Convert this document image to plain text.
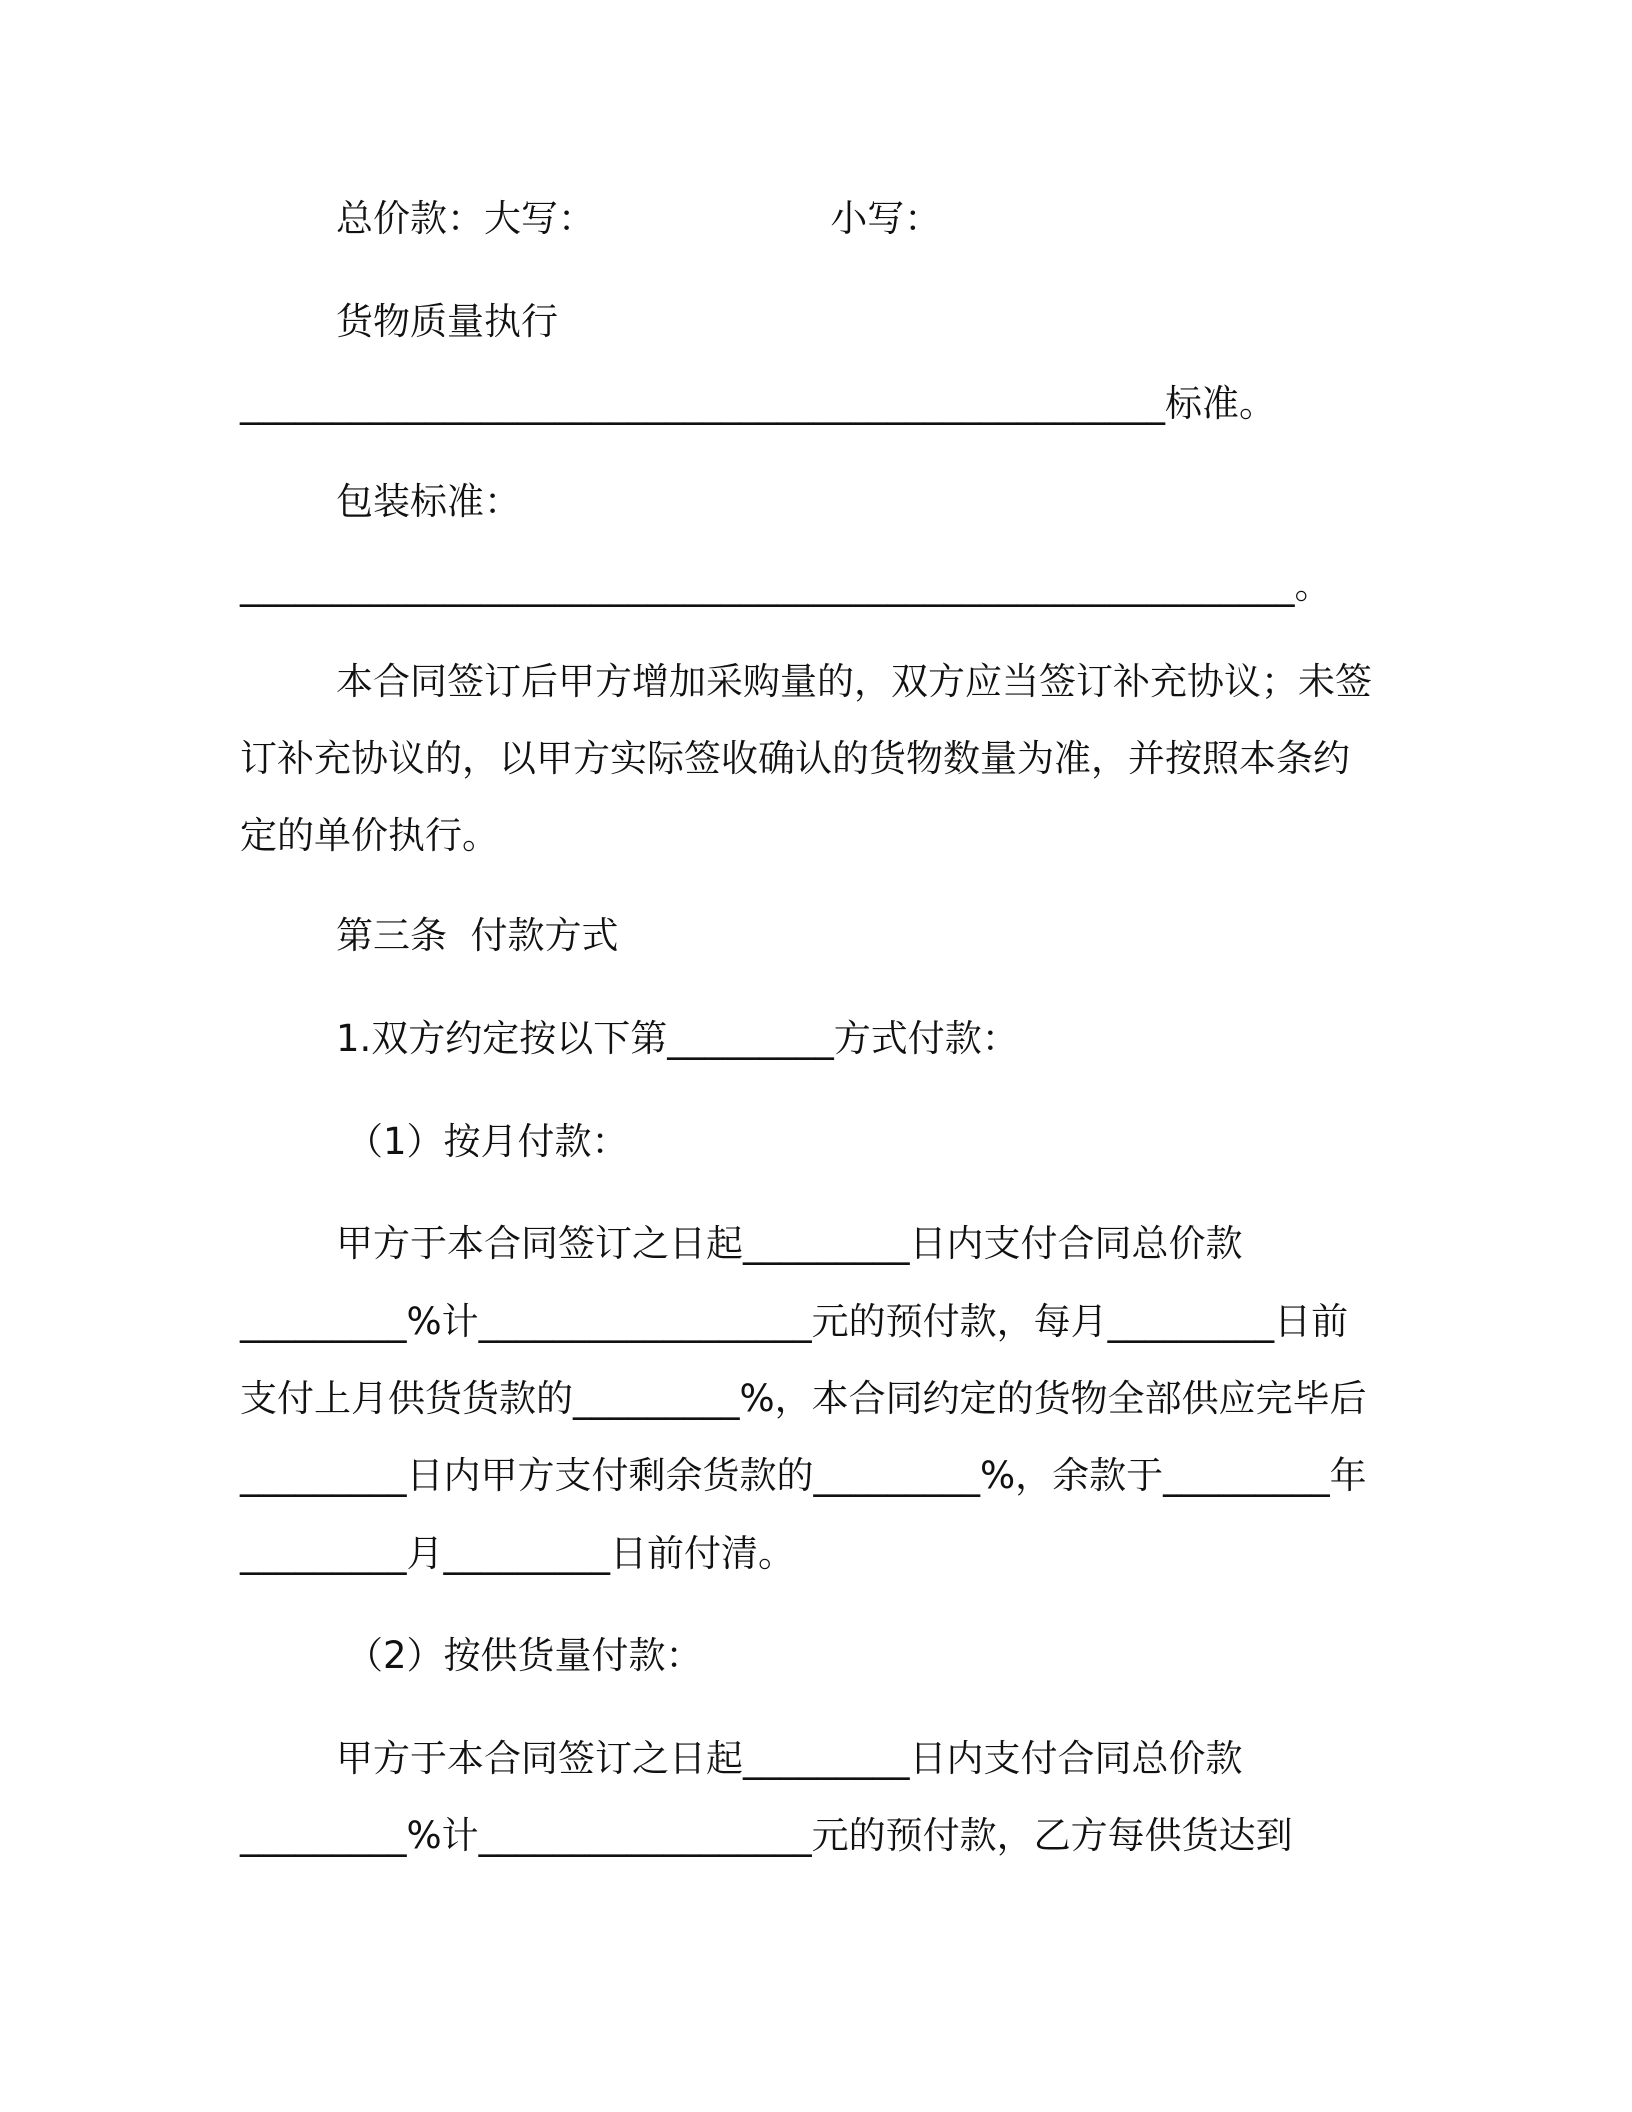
总价款：大写：                    小写：
货物质量执行
__________________________________________________标准。
包装标准：
_________________________________________________________。
本合同签订后甲方增加采购量的，双方应当签订补充协议；未签
订补充协议的，以甲方实际签收确认的货物数量为准，并按照本条约
定的单价执行。
第三条  付款方式
1.双方约定按以下第_________方式付款：
（1）按月付款：
甲方于本合同签订之日起_________日内支付合同总价款
_________%计__________________元的预付款，每月_________日前
支付上月供货货款的_________%，本合同约定的货物全部供应完毕后
_________日内甲方支付剩余货款的_________%，余款于_________年
_________月_________日前付清。
（2）按供货量付款：
甲方于本合同签订之日起_________日内支付合同总价款
_________%计__________________元的预付款，乙方每供货达到
